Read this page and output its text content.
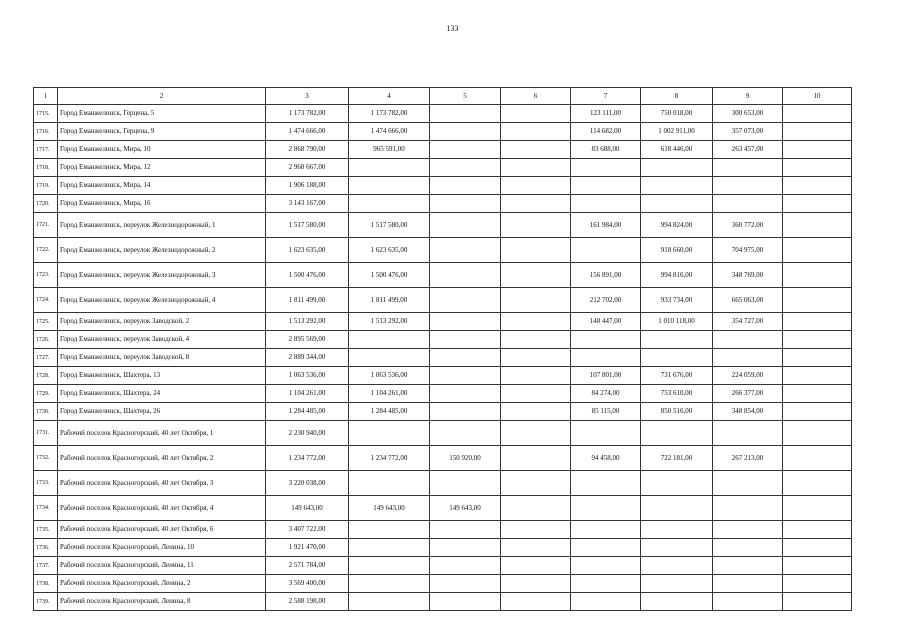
133
1	2	3	4	5	6	7	8	9	10
1715.	Город Еманжелинск, Герцена, 5	1 173 782,00	1 173 782,00			123 111,00	750 018,00	300 653,00	
1716.	Город Еманжелинск, Герцена, 9	1 474 666,00	1 474 666,00			114 682,00	1 002 911,00	357 073,00	
1717.	Город Еманжелинск, Мира, 10	2 868 790,00	965 591,00			83 688,00	618 446,00	263 457,00	
1718.	Город Еманжелинск, Мира, 12	2 968 667,00							
1719.	Город Еманжелинск, Мира, 14	1 906 188,00							
1720.	Город Еманжелинск, Мира, 16	3 143 167,00							
1721.	Город Еманжелинск, переулок Железнодорожный, 1	1 517 580,00	1 517 580,00			161 984,00	994 824,00	360 772,00	
1722.	Город Еманжелинск, переулок Железнодорожный, 2	1 623 635,00	1 623 635,00				918 660,00	704 975,00	
1723.	Город Еманжелинск, переулок Железнодорожный, 3	1 500 476,00	1 500 476,00			156 891,00	994 816,00	348 769,00	
1724.	Город Еманжелинск, переулок Железнодорожный, 4	1 811 499,00	1 811 499,00			212 702,00	933 734,00	665 063,00	
1725.	Город Еманжелинск, переулок Заводской, 2	1 513 292,00	1 513 292,00			148 447,00	1 010 118,00	354 727,00	
1726.	Город Еманжелинск, переулок Заводской, 4	2 895 569,00							
1727.	Город Еманжелинск, переулок Заводской, 8	2 889 344,00							
1728.	Город Еманжелинск, Шахтера, 13	1 063 536,00	1 063 536,00			107 801,00	731 676,00	224 059,00	
1729.	Город Еманжелинск, Шахтера, 24	1 104 261,00	1 104 261,00			84 274,00	753 610,00	266 377,00	
1730.	Город Еманжелинск, Шахтера, 26	1 284 485,00	1 284 485,00			85 115,00	850 516,00	348 854,00	
1731.	Рабочий поселок Красногорский, 40 лет Октября, 1	2 230 940,00							
1732.	Рабочий поселок Красногорский, 40 лет Октября, 2	1 234 772,00	1 234 772,00	150 920,00		94 458,00	722 181,00	267 213,00	
1733.	Рабочий поселок Красногорский, 40 лет Октября, 3	3 220 038,00							
1734.	Рабочий поселок Красногорский, 40 лет Октября, 4	149 643,00	149 643,00	149 643,00					
1735.	Рабочий поселок Красногорский, 40 лет Октября, 6	3 407 722,00							
1736.	Рабочий поселок Красногорский, Ленина, 10	1 921 470,00							
1737.	Рабочий поселок Красногорский, Ленина, 11	2 571 784,00							
1738.	Рабочий поселок Красногорский, Ленина, 2	3 569 400,00							
1739.	Рабочий поселок Красногорский, Ленина, 8	2 588 198,00							
